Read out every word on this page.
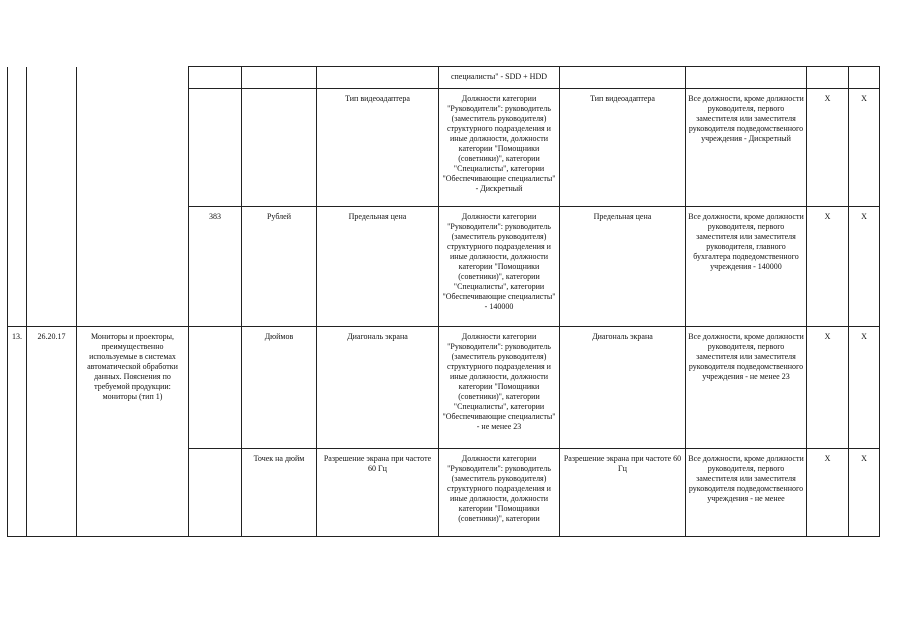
						специалисты" - SDD + HDD				
					Тип видеоадаптера	Должности категории "Руководители": руководитель (заместитель руководителя) структурного подразделения и иные должности, должности категории "Помощники (советники)", категории "Специалисты", категории "Обеспечивающие специалисты" - Дискретный	Тип видеоадаптера	Все должности, кроме должности руководителя, первого заместителя или заместителя руководителя подведомственного учреждения - Дискретный	X	X
			383	Рублей	Предельная цена	Должности категории "Руководители": руководитель (заместитель руководителя) структурного подразделения и иные должности, должности категории "Помощники (советники)", категории "Специалисты", категории "Обеспечивающие специалисты" - 140000	Предельная цена	Все должности, кроме должности руководителя, первого заместителя или заместителя руководителя, главного бухгалтера подведомственного учреждения - 140000	X	X
13.	26.20.17	Мониторы и проекторы, преимущественно используемые в системах автоматической обработки данных. Пояснения по требуемой продукции: мониторы (тип 1)		Дюймов	Диагональ экрана	Должности категории "Руководители": руководитель (заместитель руководителя) структурного подразделения и иные должности, должности категории "Помощники (советники)", категории "Специалисты", категории "Обеспечивающие специалисты" - не менее 23	Диагональ экрана	Все должности, кроме должности руководителя, первого заместителя или заместителя руководителя подведомственного учреждения - не менее 23	X	X
				Точек на дюйм	Разрешение экрана при частоте 60 Гц	Должности категории "Руководители": руководитель (заместитель руководителя) структурного подразделения и иные должности, должности категории "Помощники (советники)", категории	Разрешение экрана при частоте 60 Гц	Все должности, кроме должности руководителя, первого заместителя или заместителя руководителя подведомственного учреждения - не менее	X	X
